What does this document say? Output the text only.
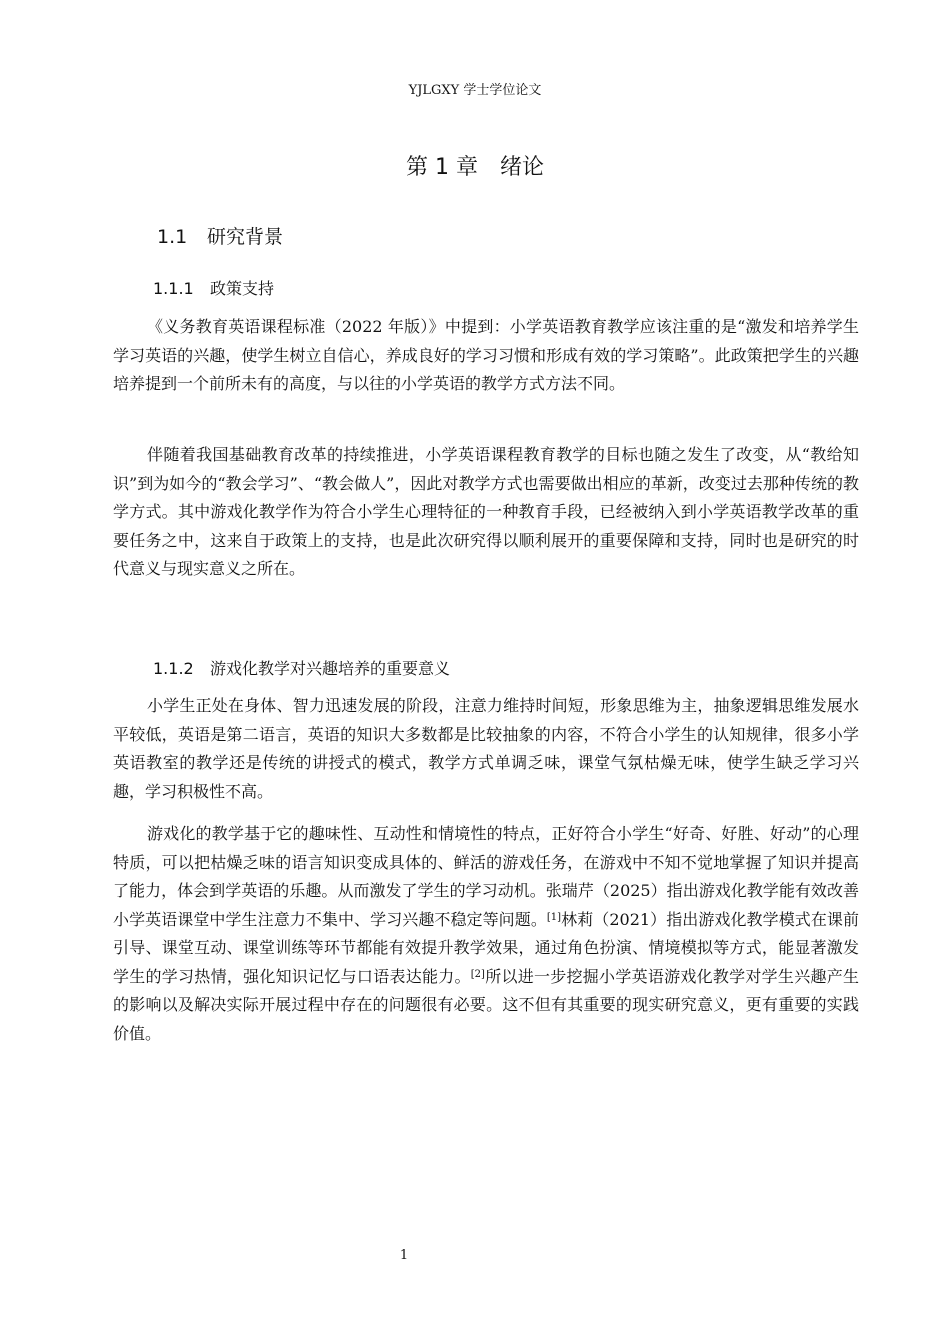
YJLGXY 学士学位论文
第 1 章 绪论
1.1 研究背景
1.1.1 政策支持

《义务教育英语课程标准（2022 年版）》中提到：小学英语教育教学应该注重的是“激发和培养学生学习英语的兴趣，使学生树立自信心，养成良好的学习习惯和形成有效的学习策略”。此政策把学生的兴趣培养提到一个前所未有的高度，与以往的小学英语的教学方式方法不同。

伴随着我国基础教育改革的持续推进，小学英语课程教育教学的目标也随之发生了改变，从“教给知识”到为如今的“教会学习”、“教会做人”，因此对教学方式也需要做出相应的革新，改变过去那种传统的教学方式。其中游戏化教学作为符合小学生心理特征的一种教育手段，已经被纳入到小学英语教学改革的重要任务之中，这来自于政策上的支持，也是此次研究得以顺利展开的重要保障和支持，同时也是研究的时代意义与现实意义之所在。

1.1.2 游戏化教学对兴趣培养的重要意义

小学生正处在身体、智力迅速发展的阶段，注意力维持时间短，形象思维为主，抽象逻辑思维发展水平较低，英语是第二语言，英语的知识大多数都是比较抽象的内容，不符合小学生的认知规律，很多小学英语教室的教学还是传统的讲授式的模式，教学方式单调乏味，课堂气氛枯燥无味，使学生缺乏学习兴趣，学习积极性不高。

游戏化的教学基于它的趣味性、互动性和情境性的特点，正好符合小学生“好奇、好胜、好动”的心理特质，可以把枯燥乏味的语言知识变成具体的、鲜活的游戏任务，在游戏中不知不觉地掌握了知识并提高了能力，体会到学英语的乐趣。从而激发了学生的学习动机。张瑞芹（2025）指出游戏化教学能有效改善小学英语课堂中学生注意力不集中、学习兴趣不稳定等问题。[1]林莉（2021）指出游戏化教学模式在课前引导、课堂互动、课堂训练等环节都能有效提升教学效果，通过角色扮演、情境模拟等方式，能显著激发学生的学习热情，强化知识记忆与口语表达能力。[2]所以进一步挖掘小学英语游戏化教学对学生兴趣产生的影响以及解决实际开展过程中存在的问题很有必要。这不但有其重要的现实研究意义，更有重要的实践价值。

1
